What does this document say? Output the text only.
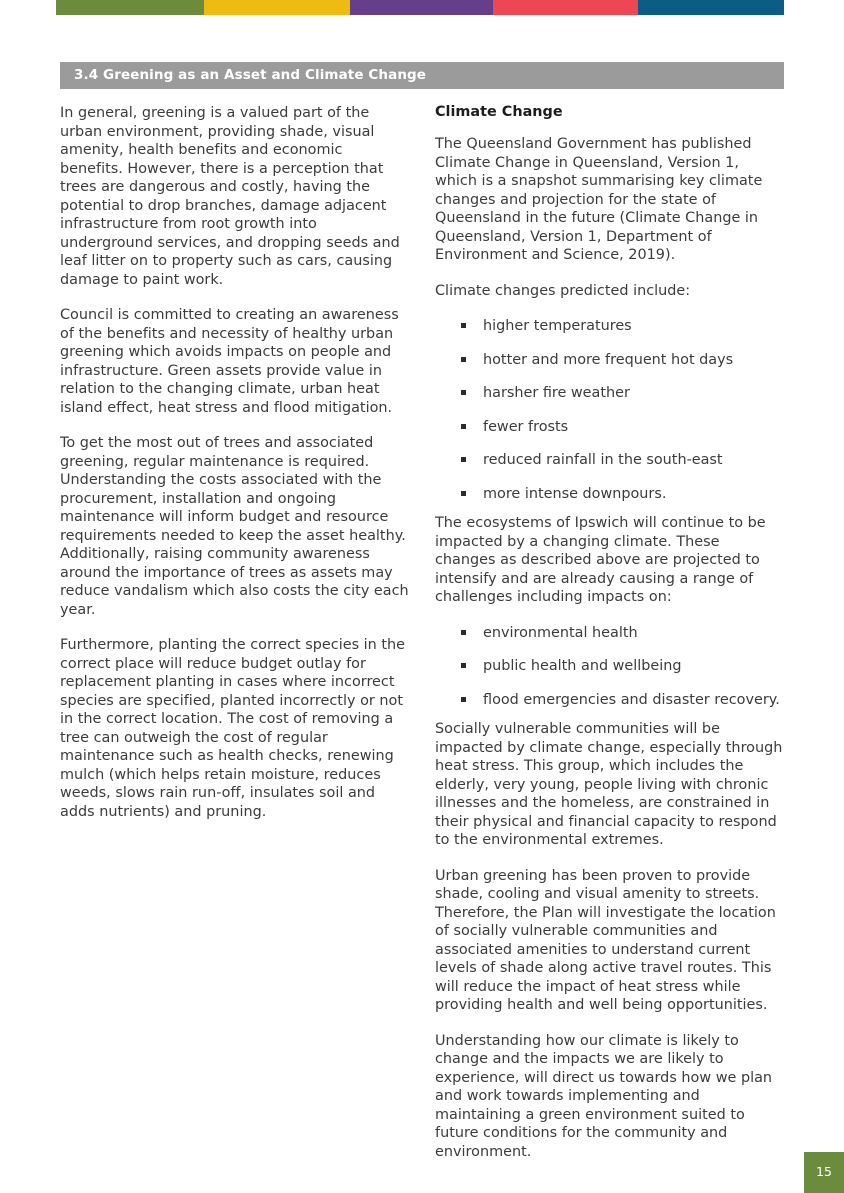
3.4 Greening as an Asset and Climate Change

In general, greening is a valued part of the urban environment, providing shade, visual amenity, health benefits and economic benefits. However, there is a perception that trees are dangerous and costly, having the potential to drop branches, damage adjacent infrastructure from root growth into underground services, and dropping seeds and leaf litter on to property such as cars, causing damage to paint work.

Council is committed to creating an awareness of the benefits and necessity of healthy urban greening which avoids impacts on people and infrastructure. Green assets provide value in relation to the changing climate, urban heat island effect, heat stress and flood mitigation.

To get the most out of trees and associated greening, regular maintenance is required. Understanding the costs associated with the procurement, installation and ongoing maintenance will inform budget and resource requirements needed to keep the asset healthy. Additionally, raising community awareness around the importance of trees as assets may reduce vandalism which also costs the city each year.

Furthermore, planting the correct species in the correct place will reduce budget outlay for replacement planting in cases where incorrect species are specified, planted incorrectly or not in the correct location. The cost of removing a tree can outweigh the cost of regular maintenance such as health checks, renewing mulch (which helps retain moisture, reduces weeds, slows rain run-off, insulates soil and adds nutrients) and pruning.

Climate Change

The Queensland Government has published Climate Change in Queensland, Version 1, which is a snapshot summarising key climate changes and projection for the state of Queensland in the future (Climate Change in Queensland, Version 1, Department of Environment and Science, 2019).

Climate changes predicted include:

higher temperatures
hotter and more frequent hot days
harsher fire weather
fewer frosts
reduced rainfall in the south-east
more intense downpours.

The ecosystems of Ipswich will continue to be impacted by a changing climate. These changes as described above are projected to intensify and are already causing a range of challenges including impacts on:

environmental health
public health and wellbeing
flood emergencies and disaster recovery.

Socially vulnerable communities will be impacted by climate change, especially through heat stress. This group, which includes the elderly, very young, people living with chronic illnesses and the homeless, are constrained in their physical and financial capacity to respond to the environmental extremes.

Urban greening has been proven to provide shade, cooling and visual amenity to streets. Therefore, the Plan will investigate the location of socially vulnerable communities and associated amenities to understand current levels of shade along active travel routes. This will reduce the impact of heat stress while providing health and well being opportunities.

Understanding how our climate is likely to change and the impacts we are likely to experience, will direct us towards how we plan and work towards implementing and maintaining a green environment suited to future conditions for the community and environment.

15
